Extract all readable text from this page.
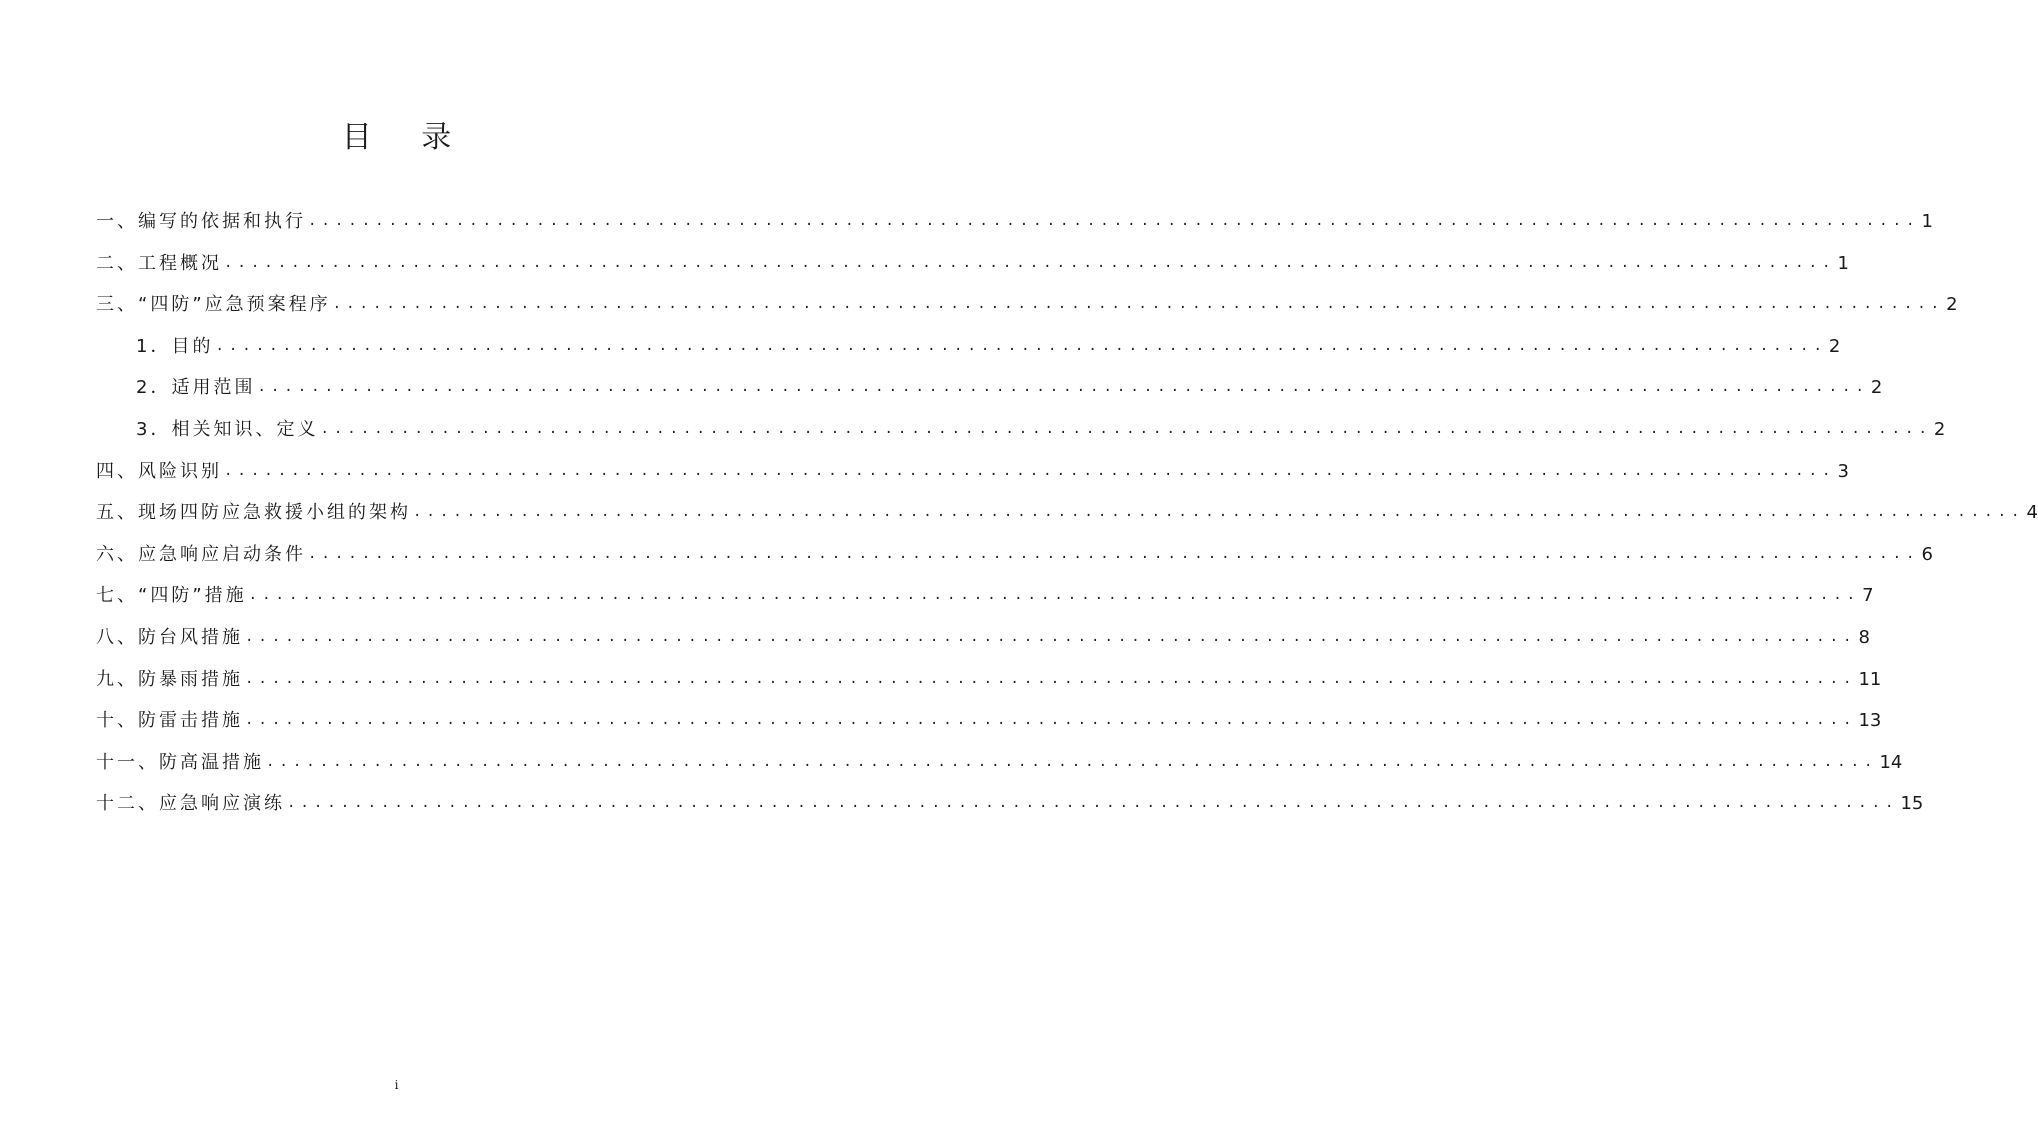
目 录
一、编写的依据和执行 ........................................................................................................................ 1
二、工程概况 ........................................................................................................................ 1
三、“四防”应急预案程序 ........................................................................................................................ 2
1．目的 ........................................................................................................................ 2
2．适用范围 ........................................................................................................................ 2
3．相关知识、定义 ........................................................................................................................ 2
四、风险识别 ........................................................................................................................ 3
五、现场四防应急救援小组的架构 ........................................................................................................................ 4
六、应急响应启动条件 ........................................................................................................................ 6
七、“四防”措施 ........................................................................................................................ 7
八、防台风措施 ........................................................................................................................ 8
九、防暴雨措施 ........................................................................................................................ 11
十、防雷击措施 ........................................................................................................................ 13
十一、防高温措施 ........................................................................................................................ 14
十二、应急响应演练 ........................................................................................................................ 15
i
